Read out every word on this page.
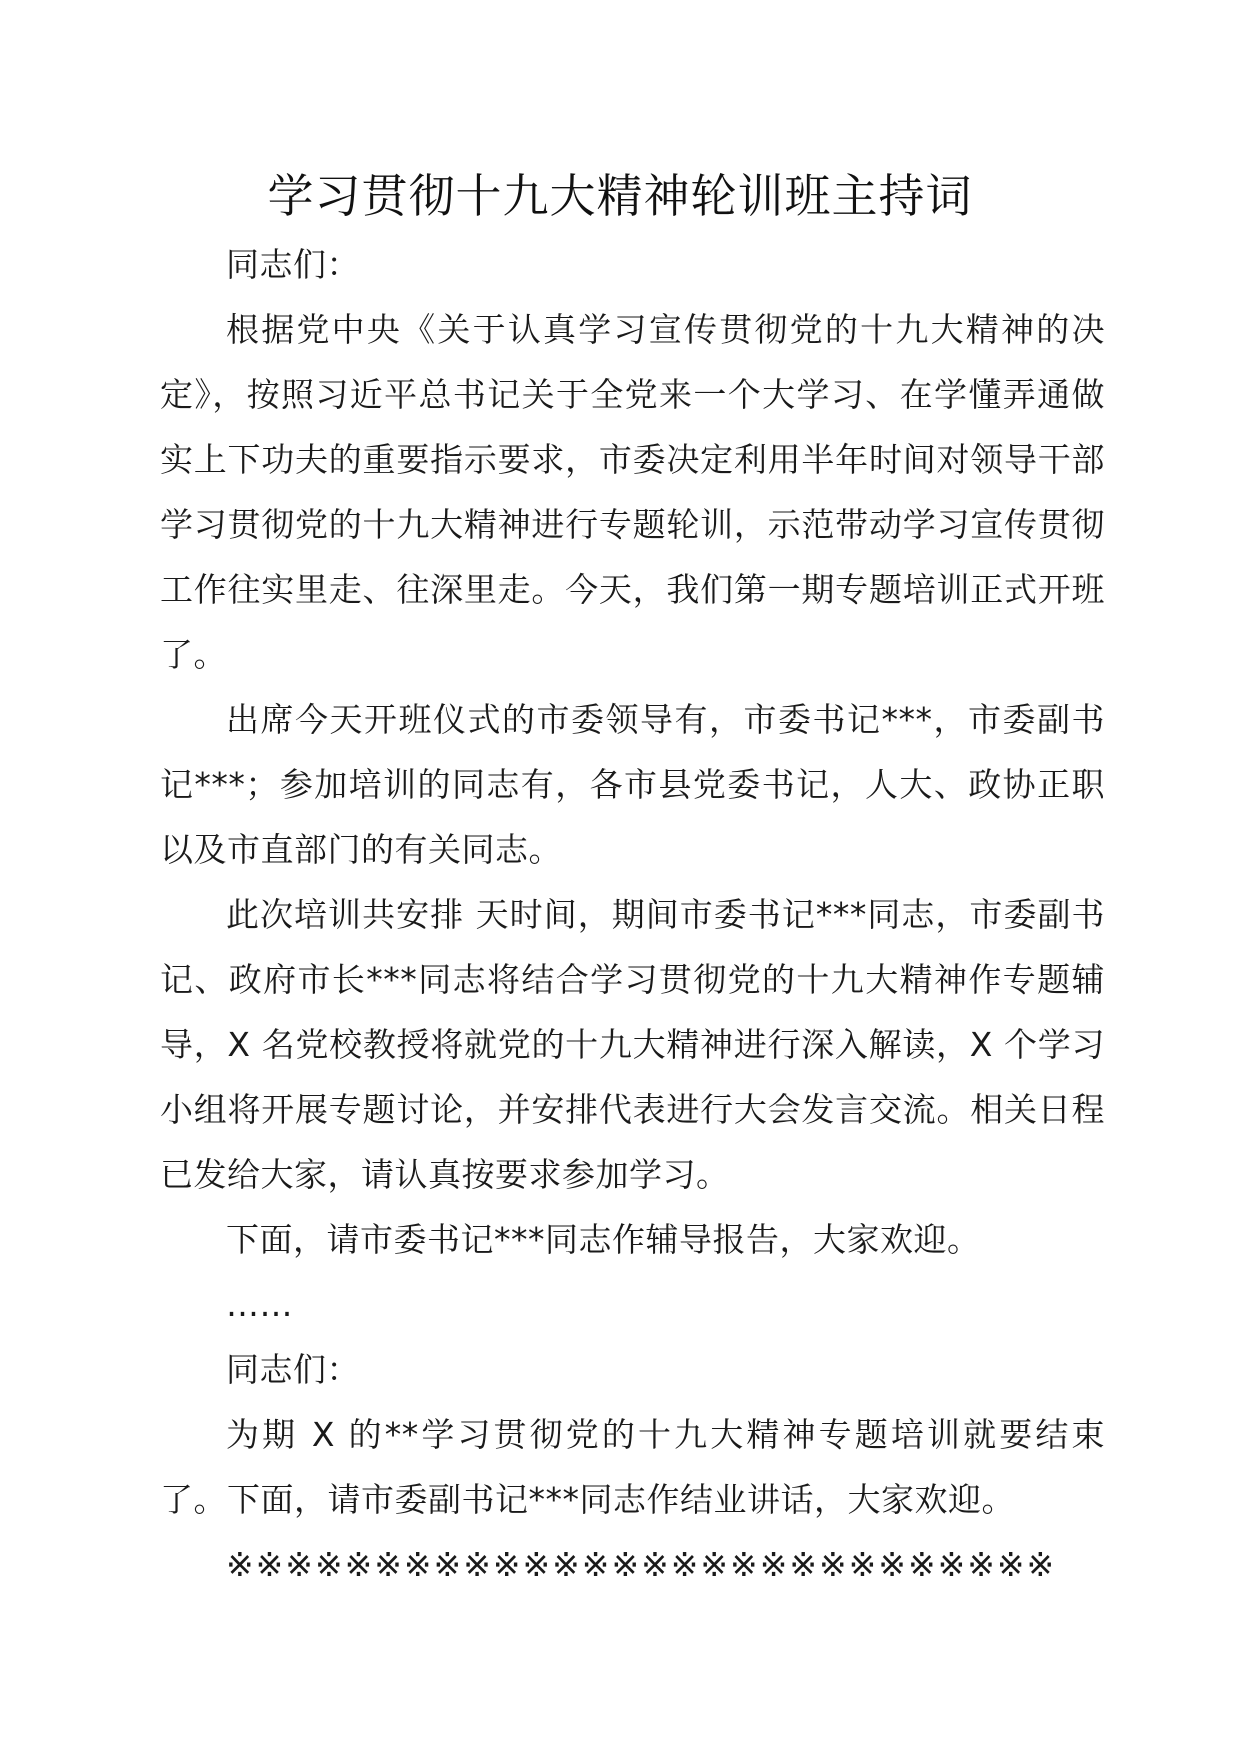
学习贯彻十九大精神轮训班主持词

同志们：

根据党中央《关于认真学习宣传贯彻党的十九大精神的决定》，按照习近平总书记关于全党来一个大学习、在学懂弄通做实上下功夫的重要指示要求，市委决定利用半年时间对领导干部学习贯彻党的十九大精神进行专题轮训，示范带动学习宣传贯彻工作往实里走、往深里走。今天，我们第一期专题培训正式开班了。

出席今天开班仪式的市委领导有，市委书记***，市委副书记***；参加培训的同志有，各市县党委书记，人大、政协正职以及市直部门的有关同志。

此次培训共安排 天时间，期间市委书记***同志，市委副书记、政府市长***同志将结合学习贯彻党的十九大精神作专题辅导，X 名党校教授将就党的十九大精神进行深入解读，X 个学习小组将开展专题讨论，并安排代表进行大会发言交流。相关日程已发给大家，请认真按要求参加学习。

下面，请市委书记***同志作辅导报告，大家欢迎。

……

同志们：

为期 X 的**学习贯彻党的十九大精神专题培训就要结束了。下面，请市委副书记***同志作结业讲话，大家欢迎。

※※※※※※※※※※※※※※※※※※※※※※※※※※※※
